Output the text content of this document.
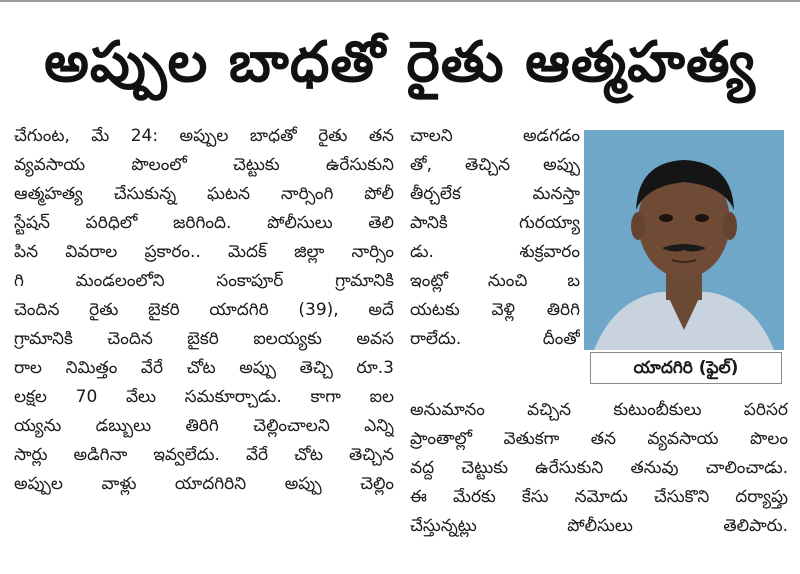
అప్పుల బాధతో రైతు ఆత్మహత్య
చేగుంట, మే 24: అప్పుల బాధతో రైతు తన
వ్యవసాయ పొలంలో చెట్టుకు ఉరేసుకుని
ఆత్మహత్య చేసుకున్న ఘటన నార్సింగి పోలీ
స్టేషన్ పరిధిలో జరిగింది. పోలీసులు తెలి
పిన వివరాల ప్రకారం.. మెదక్ జిల్లా నార్సిం
గి మండలంలోని సంకాపూర్ గ్రామానికి
చెందిన రైతు బైకరి యాదగిరి (39), అదే
గ్రామానికి చెందిన బైకరి ఐలయ్యకు అవస
రాల నిమిత్తం వేరే చోట అప్పు తెచ్చి రూ.3
లక్షల 70 వేలు సమకూర్చాడు. కాగా ఐల
య్యను డబ్బులు తిరిగి చెల్లించాలని ఎన్ని
సార్లు అడిగినా ఇవ్వలేదు. వేరే చోట తెచ్చిన
అప్పుల వాళ్లు యాదగిరిని అప్పు చెల్లిం
చాలని అడగడం
తో, తెచ్చిన అప్పు
తీర్చలేక మనస్తా
పానికి గురయ్యా
డు. శుక్రవారం
ఇంట్లో నుంచి బ
యటకు వెళ్లి తిరిగి
రాలేదు. దీంతో
యాదగిరి (ఫైల్)
అనుమానం వచ్చిన కుటుంబీకులు పరిసర
ప్రాంతాల్లో వెతుకగా తన వ్యవసాయ పొలం
వద్ద చెట్టుకు ఉరేసుకుని తనువు చాలించాడు.
ఈ మేరకు కేసు నమోదు చేసుకొని దర్యాప్తు
చేస్తున్నట్లు పోలీసులు తెలిపారు.
